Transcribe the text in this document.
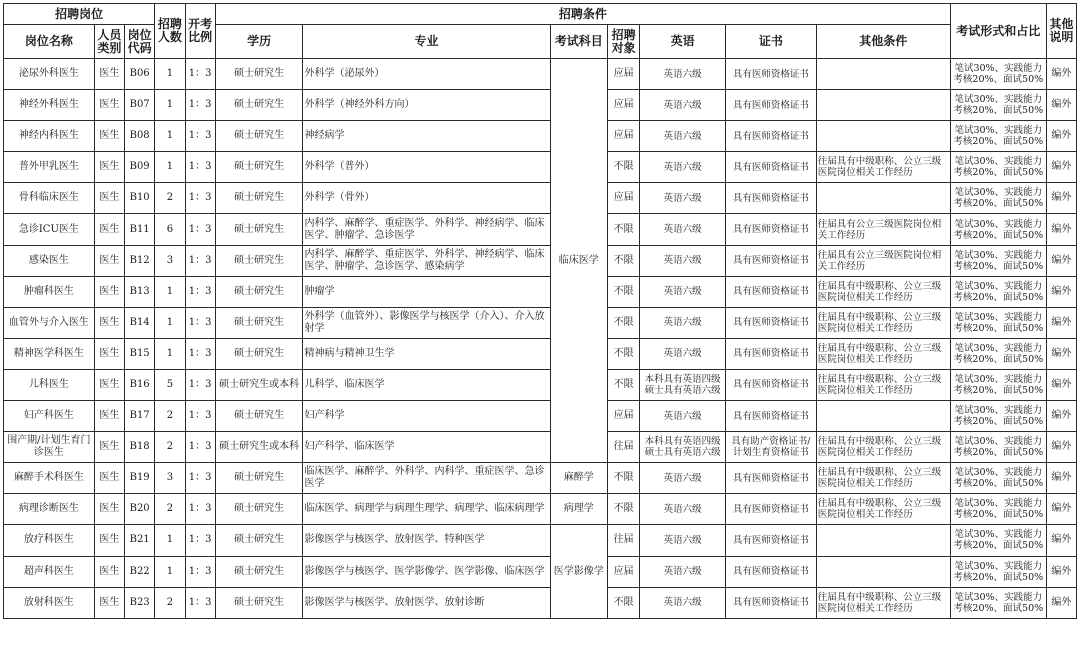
招聘岗位			招聘人数	开考比例	招聘条件							考试形式和占比	其他说明
岗位名称	人员类别	岗位代码			学历	专业	考试科目	招聘对象	英语	证书	其他条件		
泌尿外科医生	医生	B06	1	1：3	硕士研究生	外科学（泌尿外）	临床医学	应届	英语六级	具有医师资格证书		笔试30%、实践能力考核20%、面试50%	编外
神经外科医生	医生	B07	1	1：3	硕士研究生	外科学（神经外科方向）		应届	英语六级	具有医师资格证书		笔试30%、实践能力考核20%、面试50%	编外
神经内科医生	医生	B08	1	1：3	硕士研究生	神经病学		应届	英语六级	具有医师资格证书		笔试30%、实践能力考核20%、面试50%	编外
普外甲乳医生	医生	B09	1	1：3	硕士研究生	外科学（普外）		不限	英语六级	具有医师资格证书	往届具有中级职称、公立三级医院岗位相关工作经历	笔试30%、实践能力考核20%、面试50%	编外
骨科临床医生	医生	B10	2	1：3	硕士研究生	外科学（骨外）		应届	英语六级	具有医师资格证书		笔试30%、实践能力考核20%、面试50%	编外
急诊ICU医生	医生	B11	6	1：3	硕士研究生	内科学、麻醉学、重症医学、外科学、神经病学、临床医学、肿瘤学、急诊医学		不限	英语六级	具有医师资格证书	往届具有公立三级医院岗位相关工作经历	笔试30%、实践能力考核20%、面试50%	编外
感染医生	医生	B12	3	1：3	硕士研究生	内科学、麻醉学、重症医学、外科学、神经病学、临床医学、肿瘤学、急诊医学、感染病学		不限	英语六级	具有医师资格证书	往届具有公立三级医院岗位相关工作经历	笔试30%、实践能力考核20%、面试50%	编外
肿瘤科医生	医生	B13	1	1：3	硕士研究生	肿瘤学		不限	英语六级	具有医师资格证书	往届具有中级职称、公立三级医院岗位相关工作经历	笔试30%、实践能力考核20%、面试50%	编外
血管外与介入医生	医生	B14	1	1：3	硕士研究生	外科学（血管外）、影像医学与核医学（介入）、介入放射学		不限	英语六级	具有医师资格证书	往届具有中级职称、公立三级医院岗位相关工作经历	笔试30%、实践能力考核20%、面试50%	编外
精神医学科医生	医生	B15	1	1：3	硕士研究生	精神病与精神卫生学		不限	英语六级	具有医师资格证书	往届具有中级职称、公立三级医院岗位相关工作经历	笔试30%、实践能力考核20%、面试50%	编外
儿科医生	医生	B16	5	1：3	硕士研究生或本科	儿科学、临床医学		不限	本科具有英语四级硕士具有英语六级	具有医师资格证书	往届具有中级职称、公立三级医院岗位相关工作经历	笔试30%、实践能力考核20%、面试50%	编外
妇产科医生	医生	B17	2	1：3	硕士研究生	妇产科学		应届	英语六级	具有医师资格证书		笔试30%、实践能力考核20%、面试50%	编外
围产期/计划生育门诊医生	医生	B18	2	1：3	硕士研究生或本科	妇产科学、临床医学		往届	本科具有英语四级硕士具有英语六级	具有助产资格证书/计划生育资格证书	往届具有中级职称、公立三级医院岗位相关工作经历	笔试30%、实践能力考核20%、面试50%	编外
麻醉手术科医生	医生	B19	3	1：3	硕士研究生	临床医学、麻醉学、外科学、内科学、重症医学、急诊医学	麻醉学	不限	英语六级	具有医师资格证书	往届具有中级职称、公立三级医院岗位相关工作经历	笔试30%、实践能力考核20%、面试50%	编外
病理诊断医生	医生	B20	2	1：3	硕士研究生	临床医学、病理学与病理生理学、病理学、临床病理学	病理学	不限	英语六级	具有医师资格证书	往届具有中级职称、公立三级医院岗位相关工作经历	笔试30%、实践能力考核20%、面试50%	编外
放疗科医生	医生	B21	1	1：3	硕士研究生	影像医学与核医学、放射医学、特种医学	医学影像学	往届	英语六级	具有医师资格证书		笔试30%、实践能力考核20%、面试50%	编外
超声科医生	医生	B22	1	1：3	硕士研究生	影像医学与核医学、医学影像学、医学影像、临床医学		应届	英语六级	具有医师资格证书		笔试30%、实践能力考核20%、面试50%	编外
放射科医生	医生	B23	2	1：3	硕士研究生	影像医学与核医学、放射医学、放射诊断		不限	英语六级	具有医师资格证书	往届具有中级职称、公立三级医院岗位相关工作经历	笔试30%、实践能力考核20%、面试50%	编外
